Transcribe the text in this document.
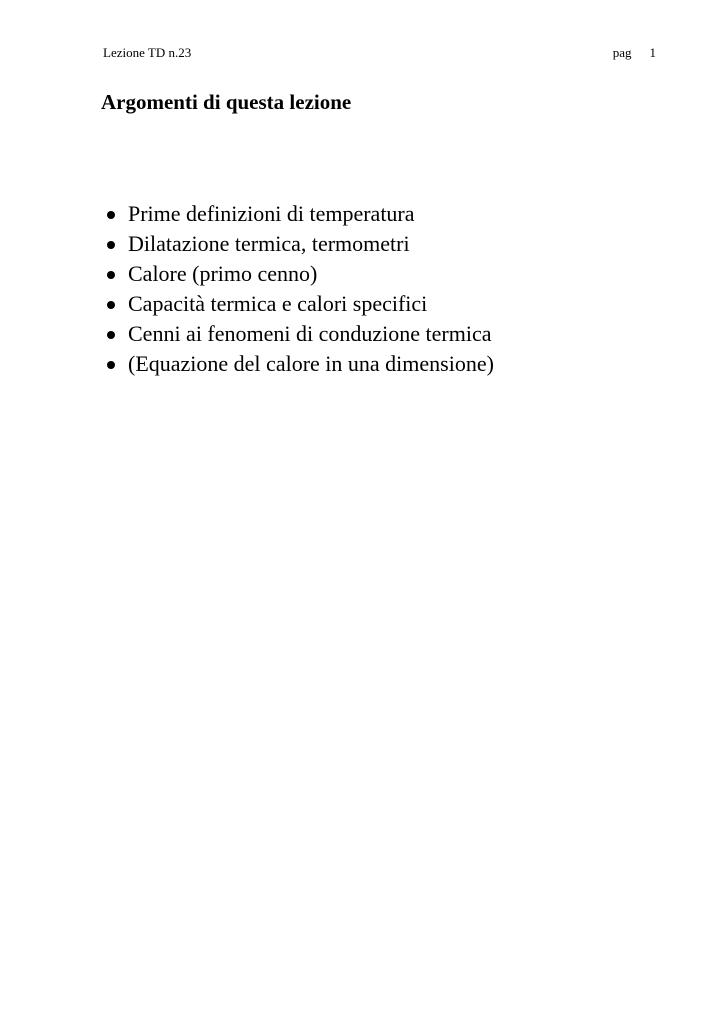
Lezione TD n.23	pag 1
Argomenti di questa lezione
Prime definizioni di temperatura
Dilatazione termica, termometri
Calore (primo cenno)
Capacità termica e calori specifici
Cenni ai fenomeni di conduzione termica
(Equazione del calore in una dimensione)
